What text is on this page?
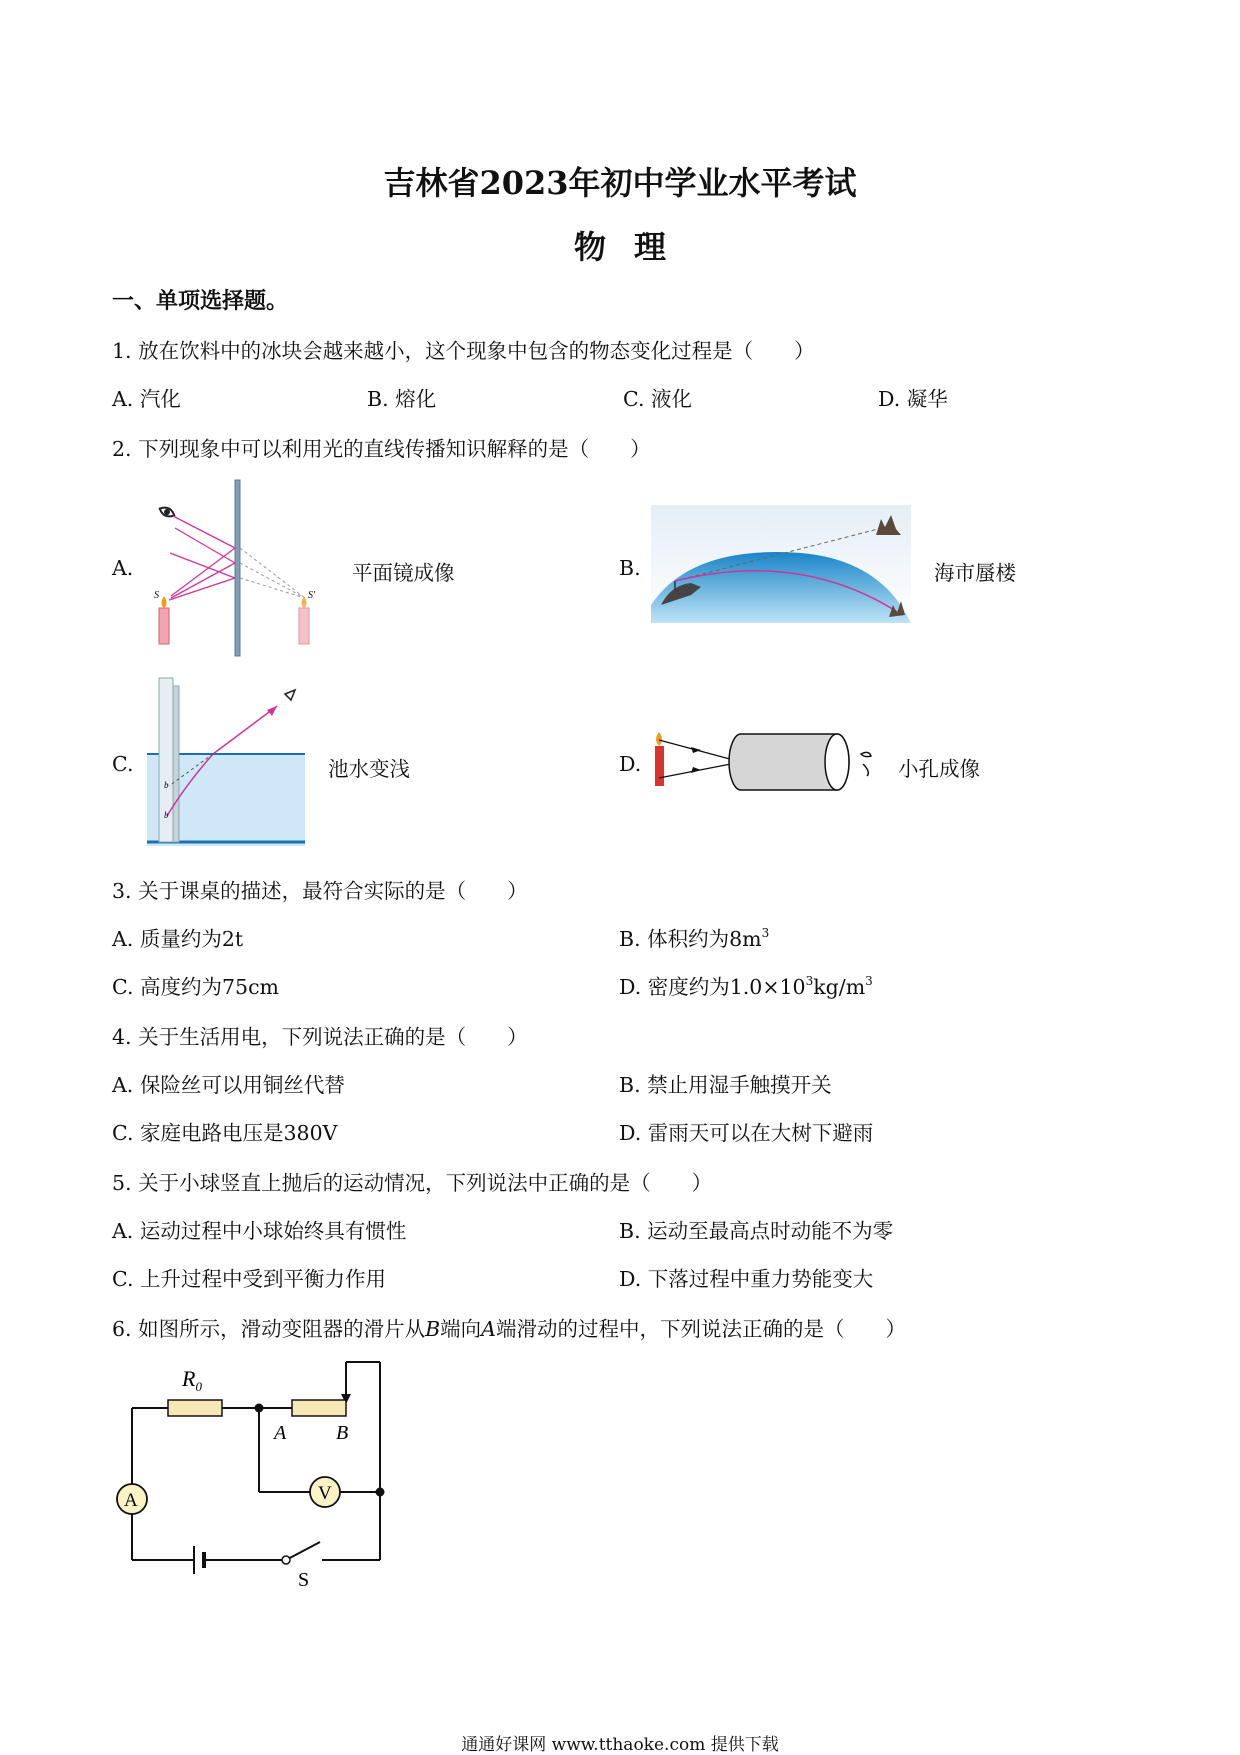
吉林省2023年初中学业水平考试
物理
一、单项选择题。
1. 放在饮料中的冰块会越来越小，这个现象中包含的物态变化过程是（　　）
A. 汽化	B. 熔化	C. 液化	D. 凝华
2. 下列现象中可以利用光的直线传播知识解释的是（　　）
A.
S	S'
平面镜成像	B.	海市蜃楼
C.
b
b
池水变浅	D.	小孔成像
3. 关于课桌的描述，最符合实际的是（　　）
A. 质量约为2t	B. 体积约为$8m^3$
C. 高度约为75cm	D. 密度约为$1.0\times 10^3kg/m^3$
4. 关于生活用电，下列说法正确的是（　　）
A. 保险丝可以用铜丝代替	B. 禁止用湿手触摸开关
C. 家庭电路电压是380V	D. 雷雨天可以在大树下避雨
5. 关于小球竖直上抛后的运动情况，下列说法中正确的是（　　）
A. 运动过程中小球始终具有惯性	B. 运动至最高点时动能不为零
C. 上升过程中受到平衡力作用	D. 下落过程中重力势能变大
6. 如图所示，滑动变阻器的滑片从B端向A端滑动的过程中，下列说法正确的是（　　）
$R_0$
A B
A	V
S
通通好课网 www.tthaoke.com 提供下载
